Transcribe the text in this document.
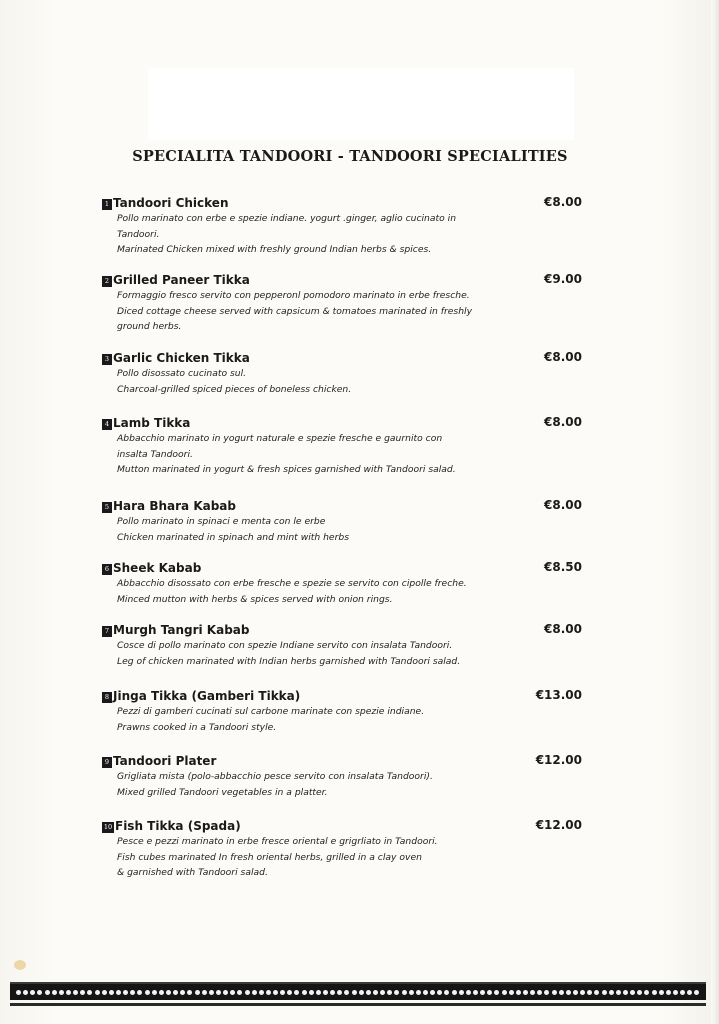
SPECIALITA TANDOORI - TANDOORI SPECIALITIES
1 Tandoori Chicken	€8.00
Pollo marinato con erbe e spezie indiane. yogurt .ginger, aglio cucinato in
Tandoori.
Marinated Chicken mixed with freshly ground Indian herbs & spices.
2 Grilled Paneer Tikka	€9.00
Formaggio fresco servito con pepperonl pomodoro marinato in erbe fresche.
Diced cottage cheese served with capsicum & tomatoes marinated in freshly
ground herbs.
3 Garlic Chicken Tikka	€8.00
Pollo disossato cucinato sul.
Charcoal-grilled spiced pieces of boneless chicken.
4 Lamb Tikka	€8.00
Abbacchio marinato in yogurt naturale e spezie fresche e gaurnito con
insalta Tandoori.
Mutton marinated in yogurt & fresh spices garnished with Tandoori salad.
5 Hara Bhara Kabab	€8.00
Pollo marinato in spinaci e menta con le erbe
Chicken marinated in spinach and mint with herbs
6 Sheek Kabab	€8.50
Abbacchio disossato con erbe fresche e spezie se servito con cipolle freche.
Minced mutton with herbs & spices served with onion rings.
7 Murgh Tangri Kabab	€8.00
Cosce di pollo marinato con spezie Indiane servito con insalata Tandoori.
Leg of chicken marinated with Indian herbs garnished with Tandoori salad.
8 Jinga Tikka (Gamberi Tikka)	€13.00
Pezzi di gamberi cucinati sul carbone marinate con spezie indiane.
Prawns cooked in a Tandoori style.
9 Tandoori Plater	€12.00
Grigliata mista (polo-abbacchio pesce servito con insalata Tandoori).
Mixed grilled Tandoori vegetables in a platter.
10 Fish Tikka (Spada)	€12.00
Pesce e pezzi marinato in erbe fresce oriental e grigrliato in Tandoori.
Fish cubes marinated In fresh oriental herbs, grilled in a clay oven
& garnished with Tandoori salad.
